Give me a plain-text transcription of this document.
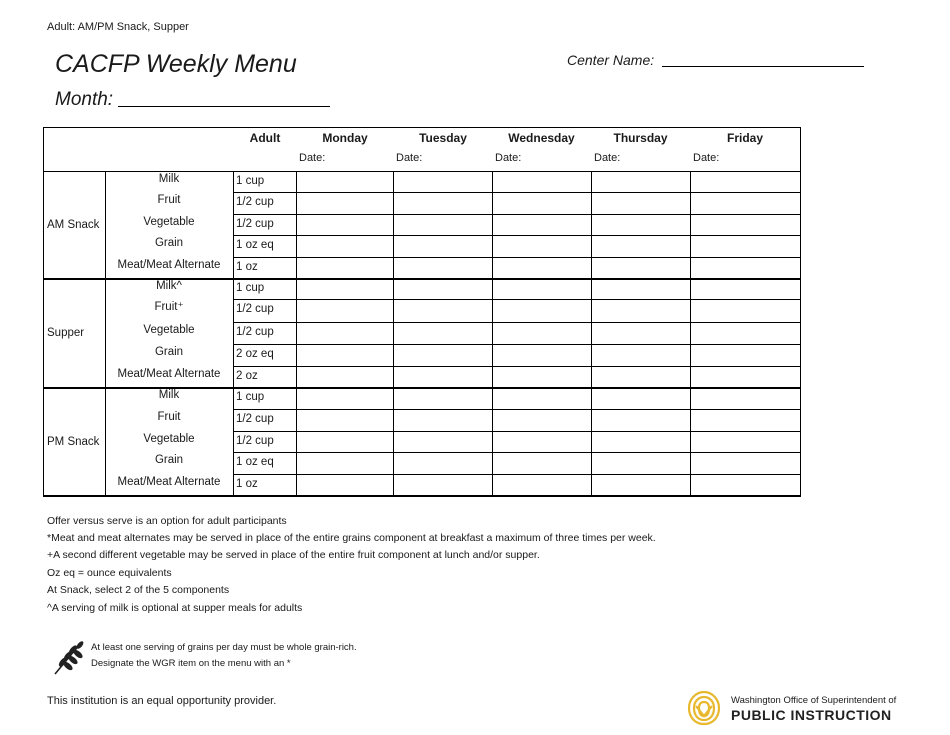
Adult: AM/PM Snack, Supper
CACFP Weekly Menu
Month:
Center Name:
Adult	Monday	Tuesday	Wednesday	Thursday	Friday
Date:	Date:	Date:	Date:	Date:
AM Snack
Milk	1 cup
Fruit	1/2 cup
Vegetable	1/2 cup
Grain	1 oz eq
Meat/Meat Alternate	1 oz
Supper
Milk^	1 cup
Fruit⁺	1/2 cup
Vegetable	1/2 cup
Grain	2 oz eq
Meat/Meat Alternate	2 oz
PM Snack
Milk	1 cup
Fruit	1/2 cup
Vegetable	1/2 cup
Grain	1 oz eq
Meat/Meat Alternate	1 oz
Offer versus serve is an option for adult participants
*Meat and meat alternates may be served in place of the entire grains component at breakfast a maximum of three times per week.
+A second different vegetable may be served in place of the entire fruit component at lunch and/or supper.
Oz eq = ounce equivalents
At Snack, select 2 of the 5 components
^A serving of milk is optional at supper meals for adults
At least one serving of grains per day must be whole grain-rich.
Designate the WGR item on the menu with an *
This institution is an equal opportunity provider.	Washington Office of Superintendent of
PUBLIC INSTRUCTION
